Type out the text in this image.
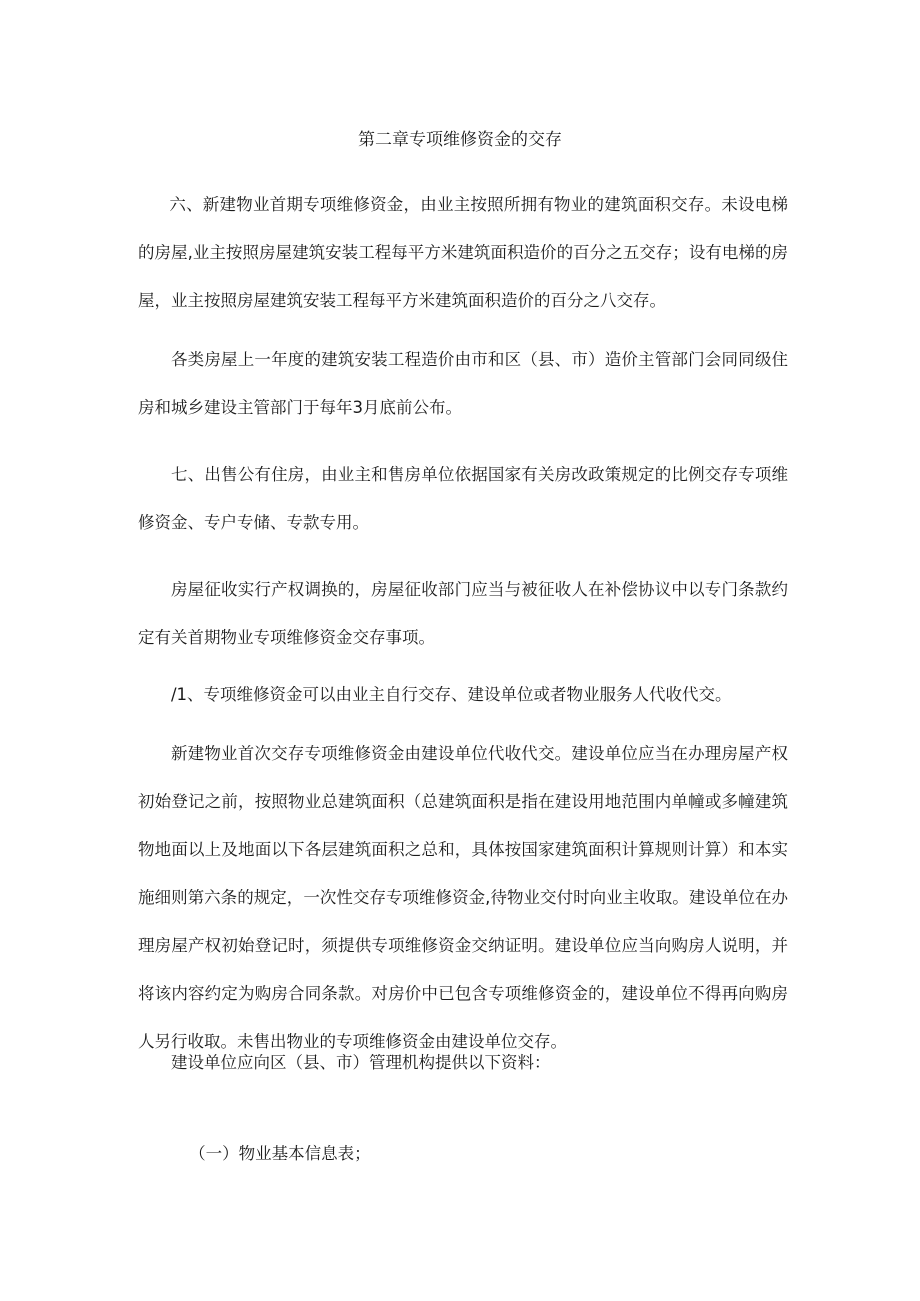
第二章专项维修资金的交存

六、新建物业首期专项维修资金，由业主按照所拥有物业的建筑面积交存。未设电梯的房屋,业主按照房屋建筑安装工程每平方米建筑面积造价的百分之五交存；设有电梯的房屋，业主按照房屋建筑安装工程每平方米建筑面积造价的百分之八交存。

各类房屋上一年度的建筑安装工程造价由市和区（县、市）造价主管部门会同同级住房和城乡建设主管部门于每年3月底前公布。

七、出售公有住房，由业主和售房单位依据国家有关房改政策规定的比例交存专项维修资金、专户专储、专款专用。

房屋征收实行产权调换的，房屋征收部门应当与被征收人在补偿协议中以专门条款约定有关首期物业专项维修资金交存事项。

/1、专项维修资金可以由业主自行交存、建设单位或者物业服务人代收代交。

新建物业首次交存专项维修资金由建设单位代收代交。建设单位应当在办理房屋产权初始登记之前，按照物业总建筑面积（总建筑面积是指在建设用地范围内单幢或多幢建筑物地面以上及地面以下各层建筑面积之总和，具体按国家建筑面积计算规则计算）和本实施细则第六条的规定，一次性交存专项维修资金,待物业交付时向业主收取。建设单位在办理房屋产权初始登记时，须提供专项维修资金交纳证明。建设单位应当向购房人说明，并将该内容约定为购房合同条款。对房价中已包含专项维修资金的，建设单位不得再向购房人另行收取。未售出物业的专项维修资金由建设单位交存。

建设单位应向区（县、市）管理机构提供以下资料：

（一）物业基本信息表；
